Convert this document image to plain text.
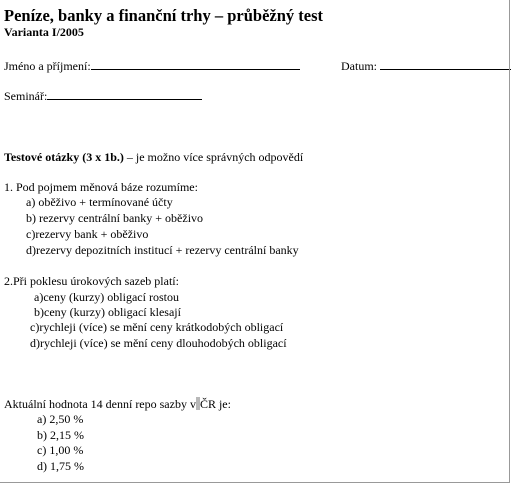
Peníze, banky a finanční trhy – průběžný test
Varianta I/2005
Jméno a příjmení:	Datum:
Seminář:
Testové otázky (3 x 1b.) – je možno více správných odpovědí
1. Pod pojmem měnová báze rozumíme:
a) oběživo + termínované účty
b) rezervy centrální banky + oběživo
c)rezervy bank + oběživo
d)rezervy depozitních institucí + rezervy centrální banky
2.Při poklesu úrokových sazeb platí:
a)ceny (kurzy) obligací rostou
b)ceny (kurzy) obligací klesají
c)rychleji (více) se mění ceny krátkodobých obligací
d)rychleji (více) se mění ceny dlouhodobých obligací
Aktuální hodnota 14 denní repo sazby v ČR je:
a) 2,50 %
b) 2,15 %
c) 1,00 %
d) 1,75 %
